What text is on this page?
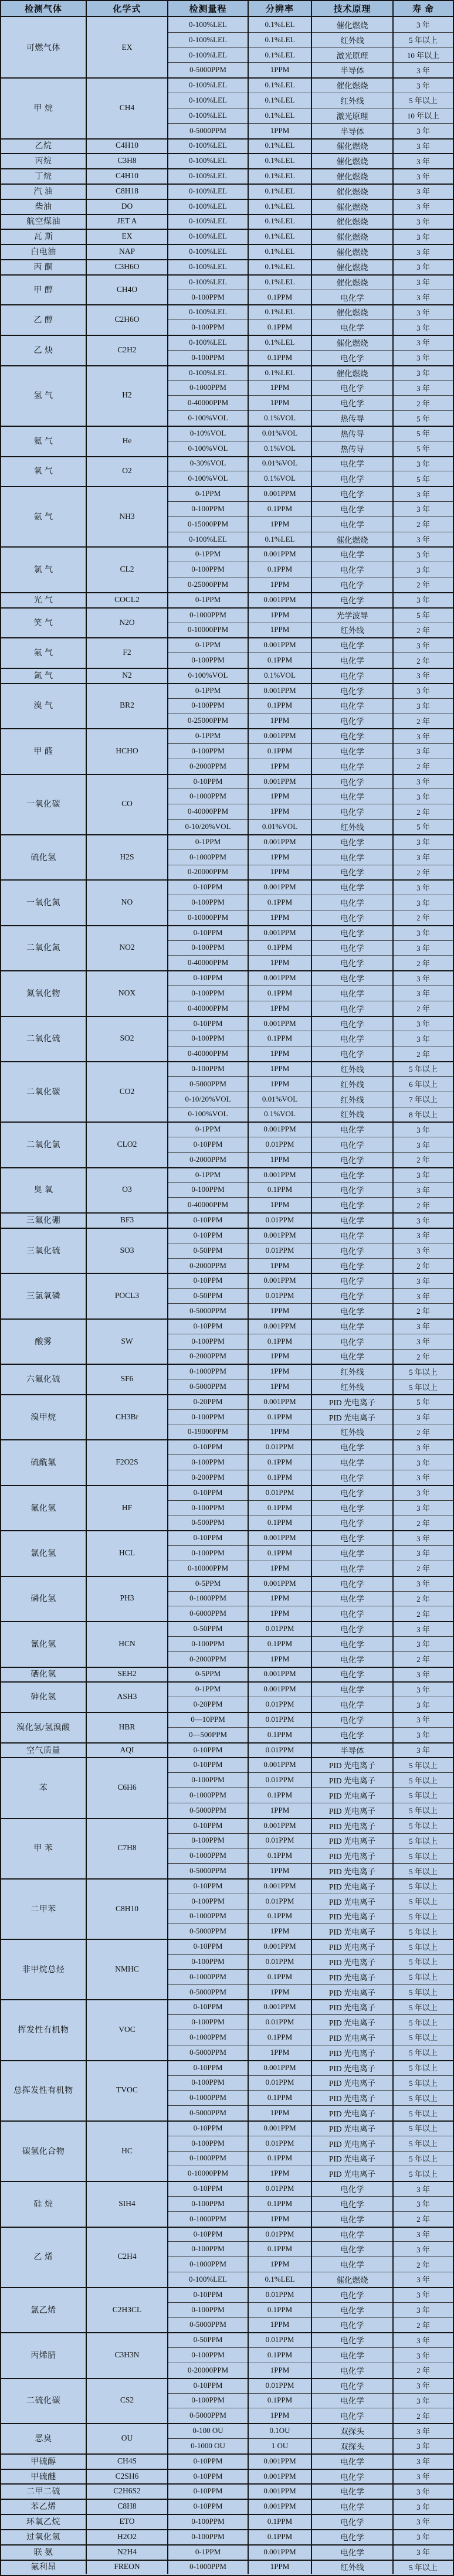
检测气体	化学式	检测量程	分辨率	技术原理	寿 命
可燃气体	EX
0-100%LEL	0.1%LEL	催化燃烧	3 年
0-100%LEL	0.1%LEL	红外线	5 年以上
0-100%LEL	0.1%LEL	激光原理	10 年以上
0-5000PPM	1PPM	半导体	3 年
甲 烷	CH4
0-100%LEL	0.1%LEL	催化燃烧	3 年
0-100%LEL	0.1%LEL	红外线	5 年以上
0-100%LEL	0.1%LEL	激光原理	10 年以上
0-5000PPM	1PPM	半导体	3 年
乙烷	C4H10	0-100%LEL	0.1%LEL	催化燃烧	3 年
丙烷	C3H8	0-100%LEL	0.1%LEL	催化燃烧	3 年
丁烷	C4H10	0-100%LEL	0.1%LEL	催化燃烧	3 年
汽 油	C8H18	0-100%LEL	0.1%LEL	催化燃烧	3 年
柴油	DO	0-100%LEL	0.1%LEL	催化燃烧	3 年
航空煤油	JET A	0-100%LEL	0.1%LEL	催化燃烧	3 年
瓦 斯	EX	0-100%LEL	0.1%LEL	催化燃烧	3 年
白电油	NAP	0-100%LEL	0.1%LEL	催化燃烧	3 年
丙 酮	C3H6O	0-100%LEL	0.1%LEL	催化燃烧	3 年
甲 醇	CH4O
0-100%LEL	0.1%LEL	催化燃烧	3 年
0-100PPM	0.1PPM	电化学	3 年
乙 醇	C2H6O
0-100%LEL	0.1%LEL	催化燃烧	3 年
0-100PPM	0.1PPM	电化学	3 年
乙 炔	C2H2
0-100%LEL	0.1%LEL	催化燃烧	3 年
0-100PPM	0.1PPM	电化学	3 年
氢 气	H2
0-100%LEL	0.1%LEL	催化燃烧	3 年
0-1000PPM	1PPM	电化学	3 年
0-40000PPM	1PPM	电化学	2 年
0-100%VOL	0.1%VOL	热传导	5 年
氦 气	He
0-10%VOL	0.01%VOL	热传导	5 年
0-100%VOL	0.1%VOL	热传导	5 年
氧 气	O2
0-30%VOL	0.01%VOL	电化学	3 年
0-100%VOL	0.1%VOL	电化学	5 年
氨 气	NH3
0-1PPM	0.001PPM	电化学	3 年
0-100PPM	0.1PPM	电化学	3 年
0-15000PPM	1PPM	电化学	2 年
0-100%LEL	0.1%LEL	催化燃烧	3 年
氯 气	CL2
0-1PPM	0.001PPM	电化学	3 年
0-100PPM	0.1PPM	电化学	3 年
0-25000PPM	1PPM	电化学	2 年
光 气	COCL2	0-1PPM	0.001PPM	电化学	3 年
笑 气	N2O
0-1000PPM	1PPM	光学波导	5 年
0-10000PPM	1PPM	红外线	2 年
氟 气	F2
0-1PPM	0.001PPM	电化学	3 年
0-100PPM	0.1PPM	电化学	2 年
氮 气	N2	0-100%VOL	0.1%VOL	电化学	3 年
溴 气	BR2
0-1PPM	0.001PPM	电化学	3 年
0-100PPM	0.1PPM	电化学	3 年
0-25000PPM	1PPM	电化学	2 年
甲 醛	HCHO
0-1PPM	0.001PPM	电化学	3 年
0-100PPM	0.1PPM	电化学	3 年
0-2000PPM	1PPM	电化学	2 年
一氧化碳	CO
0-10PPM	0.001PPM	电化学	3 年
0-1000PPM	1PPM	电化学	3 年
0-40000PPM	1PPM	电化学	2 年
0-10/20%VOL	0.01%VOL	红外线	5 年
硫化氢	H2S
0-1PPM	0.001PPM	电化学	3 年
0-1000PPM	1PPM	电化学	3 年
0-20000PPM	1PPM	电化学	2 年
一氧化氮	NO
0-10PPM	0.001PPM	电化学	3 年
0-100PPM	0.1PPM	电化学	3 年
0-10000PPM	1PPM	电化学	2 年
二氧化氮	NO2
0-10PPM	0.001PPM	电化学	3 年
0-100PPM	0.1PPM	电化学	3 年
0-40000PPM	1PPM	电化学	2 年
氮氧化物	NOX
0-10PPM	0.001PPM	电化学	3 年
0-100PPM	0.1PPM	电化学	3 年
0-40000PPM	1PPM	电化学	2 年
二氧化硫	SO2
0-10PPM	0.001PPM	电化学	3 年
0-100PPM	0.1PPM	电化学	3 年
0-40000PPM	1PPM	电化学	2 年
二氧化碳	CO2
0-100PPM	1PPM	红外线	5 年以上
0-5000PPM	1PPM	红外线	6 年以上
0-10/20%VOL	0.01%VOL	红外线	7 年以上
0-100%VOL	0.1%VOL	红外线	8 年以上
二氧化氯	CLO2
0-1PPM	0.001PPM	电化学	3 年
0-10PPM	0.01PPM	电化学	3 年
0-2000PPM	1PPM	电化学	2 年
臭 氧	O3
0-1PPM	0.001PPM	电化学	3 年
0-100PPM	0.1PPM	电化学	3 年
0-40000PPM	1PPM	电化学	2 年
三氟化硼	BF3	0-10PPM	0.01PPM	电化学	3 年
三氧化硫	SO3
0-10PPM	0.001PPM	电化学	3 年
0-50PPM	0.01PPM	电化学	3 年
0-2000PPM	1PPM	电化学	2 年
三氯氧磷	POCL3
0-10PPM	0.001PPM	电化学	3 年
0-50PPM	0.01PPM	电化学	3 年
0-5000PPM	1PPM	电化学	2 年
酸雾	SW
0-10PPM	0.001PPM	电化学	3 年
0-100PPM	0.1PPM	电化学	3 年
0-2000PPM	1PPM	电化学	2 年
六氟化硫	SF6
0-1000PPM	1PPM	红外线	5 年以上
0-5000PPM	1PPM	红外线	5 年以上
溴甲烷	CH3Br
0-20PPM	0.001PPM	PID 光电离子	5 年
0-100PPM	0.1PPM	PID 光电离子	3 年
0-19000PPM	1PPM	红外线	2 年
硫酰氟	F2O2S
0-10PPM	0.01PPM	电化学	3 年
0-100PPM	0.1PPM	电化学	3 年
0-200PPM	0.1PPM	电化学	3 年
氟化氢	HF
0-10PPM	0.01PPM	电化学	3 年
0-100PPM	0.1PPM	电化学	3 年
0-500PPM	0.1PPM	电化学	2 年
氯化氢	HCL
0-10PPM	0.001PPM	电化学	3 年
0-100PPM	0.1PPM	电化学	3 年
0-10000PPM	1PPM	电化学	2 年
磷化氢	PH3
0-5PPM	0.001PPM	电化学	3 年
0-1000PPM	1PPM	电化学	2 年
0-6000PPM	1PPM	电化学	2 年
氰化氢	HCN
0-50PPM	0.01PPM	电化学	3 年
0-100PPM	0.1PPM	电化学	3 年
0-2000PPM	1PPM	电化学	2 年
硒化氢	SEH2	0-5PPM	0.001PPM	电化学	3 年
砷化氢	ASH3
0-1PPM	0.001PPM	电化学	3 年
0-20PPM	0.01PPM	电化学	3 年
溴化氢/氢溴酸	HBR
0—10PPM	0.01PPM	电化学	3 年
0—500PPM	0.1PPM	电化学	3 年
空气质量	AQI	0-10PPM	0.01PPM	半导体	3 年
苯	C6H6
0-10PPM	0.001PPM	PID 光电离子	5 年以上
0-100PPM	0.01PPM	PID 光电离子	5 年以上
0-1000PPM	0.1PPM	PID 光电离子	5 年以上
0-5000PPM	1PPM	PID 光电离子	5 年以上
甲 苯	C7H8
0-10PPM	0.001PPM	PID 光电离子	5 年以上
0-100PPM	0.01PPM	PID 光电离子	5 年以上
0-1000PPM	0.1PPM	PID 光电离子	5 年以上
0-5000PPM	1PPM	PID 光电离子	5 年以上
二甲苯	C8H10
0-10PPM	0.001PPM	PID 光电离子	5 年以上
0-100PPM	0.01PPM	PID 光电离子	5 年以上
0-1000PPM	0.1PPM	PID 光电离子	5 年以上
0-5000PPM	1PPM	PID 光电离子	5 年以上
非甲烷总烃	NMHC
0-10PPM	0.001PPM	PID 光电离子	5 年以上
0-100PPM	0.01PPM	PID 光电离子	5 年以上
0-1000PPM	0.1PPM	PID 光电离子	5 年以上
0-5000PPM	1PPM	PID 光电离子	5 年以上
挥发性有机物	VOC
0-10PPM	0.001PPM	PID 光电离子	5 年以上
0-100PPM	0.01PPM	PID 光电离子	5 年以上
0-1000PPM	0.1PPM	PID 光电离子	5 年以上
0-5000PPM	1PPM	PID 光电离子	5 年以上
总挥发性有机物	TVOC
0-10PPM	0.001PPM	PID 光电离子	5 年以上
0-100PPM	0.01PPM	PID 光电离子	5 年以上
0-1000PPM	0.1PPM	PID 光电离子	5 年以上
0-5000PPM	1PPM	PID 光电离子	5 年以上
碳氢化合物	HC
0-10PPM	0.001PPM	PID 光电离子	5 年以上
0-100PPM	0.01PPM	PID 光电离子	5 年以上
0-1000PPM	0.1PPM	PID 光电离子	5 年以上
0-10000PPM	1PPM	PID 光电离子	5 年以上
硅 烷	SIH4
0-10PPM	0.01PPM	电化学	3 年
0-100PPM	0.1PPM	电化学	3 年
0-1000PPM	1PPM	电化学	2 年
乙 烯	C2H4
0-10PPM	0.01PPM	电化学	3 年
0-100PPM	0.1PPM	电化学	3 年
0-1000PPM	1PPM	电化学	2 年
0-100%LEL	0.1%LEL	催化燃烧	3 年
氯乙烯	C2H3CL
0-10PPM	0.01PPM	电化学	3 年
0-100PPM	0.1PPM	电化学	3 年
0-5000PPM	1PPM	电化学	2 年
丙烯腈	C3H3N
0-50PPM	0.01PPM	电化学	3 年
0-100PPM	0.1PPM	电化学	3 年
0-20000PPM	1PPM	电化学	2 年
二硫化碳	CS2
0-10PPM	0.01PPM	电化学	3 年
0-100PPM	0.1PPM	电化学	3 年
0-5000PPM	1PPM	电化学	2 年
恶臭	OU
0-100 OU	0.1OU	双探头	3 年
0-1000 OU	1 OU	双探头	3 年
甲硫醇	CH4S	0-10PPM	0.001PPM	电化学	3 年
甲硫醚	C2SH6	0-10PPM	0.001PPM	电化学	3 年
二甲二硫	C2H6S2	0-10PPM	0.001PPM	电化学	3 年
苯乙烯	C8H8	0-10PPM	0.001PPM	电化学	3 年
环氧乙烷	ETO	0-100PPM	0.1PPM	电化学	3 年
过氧化氢	H2O2	0-100PPM	0.1PPM	电化学	3 年
联 氨	N2H4	0-1PPM	0.001PPM	电化学	3 年
氟利昂	FREON	0-1000PPM	1PPM	红外线	5 年以上
